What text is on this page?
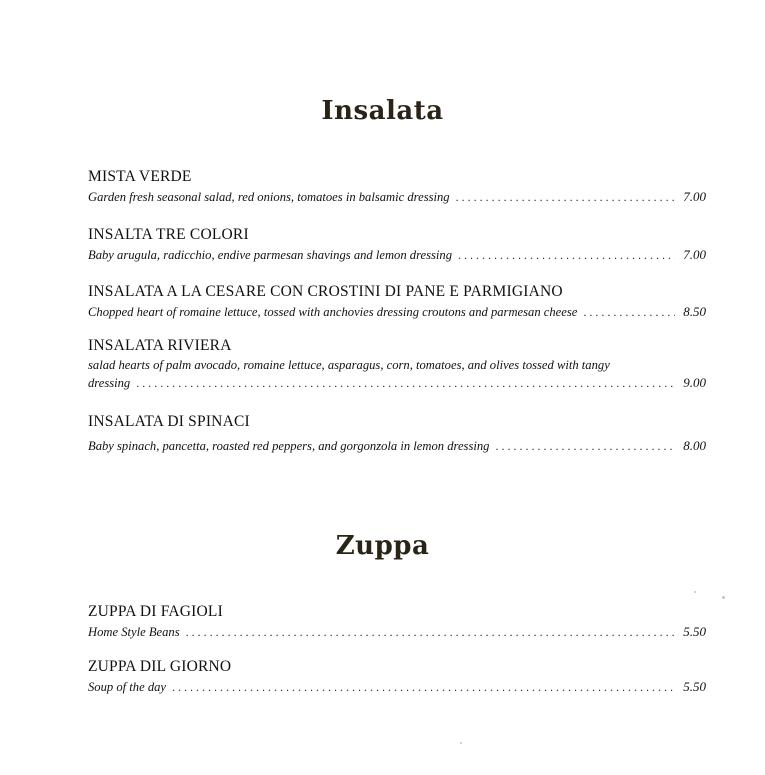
Insalata
MISTA VERDE
Garden fresh seasonal salad, red onions, tomatoes in balsamic dressing . . .	7.00
INSALTA TRE COLORI
Baby arugula, radicchio, endive parmesan shavings and lemon dressing . . .	7.00
INSALATA A LA CESARE CON CROSTINI DI PANE E PARMIGIANO
Chopped heart of romaine lettuce, tossed with anchovies dressing croutons and parmesan cheese . . .	8.50
INSALATA RIVIERA
salad hearts of palm avocado, romaine lettuce, asparagus, corn, tomatoes, and olives tossed with tangy
dressing . . .	9.00
INSALATA DI SPINACI
Baby spinach, pancetta, roasted red peppers, and gorgonzola in lemon dressing . . .	8.00
Zuppa
ZUPPA DI FAGIOLI
Home Style Beans . . .	5.50
ZUPPA DIL GIORNO
Soup of the day . . .	5.50
